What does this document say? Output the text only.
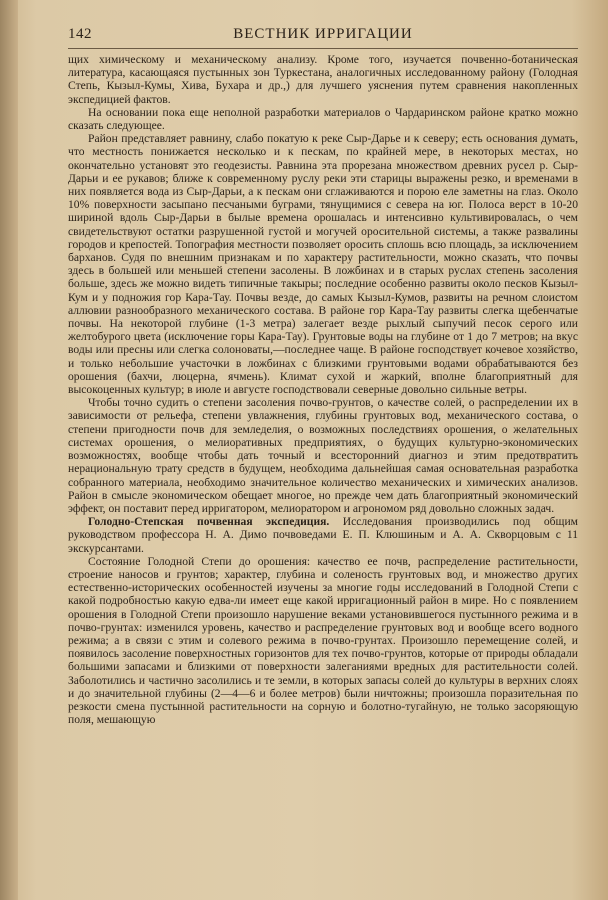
142	ВЕСТНИК ИРРИГАЦИИ

щих химическому и механическому анализу. Кроме того, изучается почвенно-ботаническая литература, касающаяся пустынных зон Туркестана, аналогичных исследованному району (Голодная Степь, Кызыл-Кумы, Хива, Бухара и др.,) для лучшего уяснения путем сравнения накопленных экспедицией фактов.

На основании пока еще неполной разработки материалов о Чардаринском районе кратко можно сказать следующее.

Район представляет равнину, слабо покатую к реке Сыр-Дарье и к северу; есть основания думать, что местность понижается несколько и к пескам, по крайней мере, в некоторых местах, но окончательно установят это геодезисты. Равнина эта прорезана множеством древних русел р. Сыр-Дарьи и ее рукавов; ближе к современному руслу реки эти старицы выражены резко, и временами в них появляется вода из Сыр-Дарьи, а к пескам они сглаживаются и порою еле заметны на глаз. Около 10% поверхности засыпано песчаными буграми, тянущимися с севера на юг. Полоса верст в 10-20 шириной вдоль Сыр-Дарьи в былые времена орошалась и интенсивно культивировалась, о чем свидетельствуют остатки разрушенной густой и могучей оросительной системы, а также развалины городов и крепостей. Топография местности позволяет оросить сплошь всю площадь, за исключением барханов. Судя по внешним признакам и по характеру растительности, можно сказать, что почвы здесь в большей или меньшей степени засолены. В ложбинах и в старых руслах степень засоления больше, здесь же можно видеть типичные такыры; последние особенно развиты около песков Кызыл-Кум и у подножия гор Кара-Тау. Почвы везде, до самых Кызыл-Кумов, развиты на речном слоистом аллювии разнообразного механического состава. В районе гор Кара-Тау развиты слегка щебенчатые почвы. На некоторой глубине (1-3 метра) залегает везде рыхлый сыпучий песок серого или желтобурого цвета (исключение горы Кара-Тау). Грунтовые воды на глубине от 1 до 7 метров; на вкус воды или пресны или слегка солоноваты,—последнее чаще. В районе господствует кочевое хозяйство, и только небольшие участочки в ложбинах с близкими грунтовыми водами обрабатываются без орошения (бахчи, люцерна, ячмень). Климат сухой и жаркий, вполне благоприятный для высокоценных культур; в июле и августе господствовали северные довольно сильные ветры.

Чтобы точно судить о степени засоления почво-грунтов, о качестве солей, о распределении их в зависимости от рельефа, степени увлажнения, глубины грунтовых вод, механического состава, о степени пригодности почв для земледелия, о возможных последствиях орошения, о желательных системах орошения, о мелиоративных предприятиях, о будущих культурно-экономических возможностях, вообще чтобы дать точный и всесторонний диагноз и этим предотвратить нерациональную трату средств в будущем, необходима дальнейшая самая основательная разработка собранного материала, необходимо значительное количество механических и химических анализов. Район в смысле экономическом обещает многое, но прежде чем дать благоприятный экономический эффект, он поставит перед ирригатором, мелиоратором и агрономом ряд довольно сложных задач.

Голодно-Степская почвенная экспедиция. Исследования производились под общим руководством профессора Н. А. Димо почвоведами Е. П. Клюшиным и А. А. Скворцовым с 11 экскурсантами.

Состояние Голодной Степи до орошения: качество ее почв, распределение растительности, строение наносов и грунтов; характер, глубина и соленость грунтовых вод, и множество других естественно-исторических особенностей изучены за многие годы исследований в Голодной Степи с какой подробностью какую едва-ли имеет еще какой ирригационный район в мире. Но с появлением орошения в Голодной Степи произошло нарушение веками установившегося пустынного режима и в почво-грунтах: изменился уровень, качество и распределение грунтовых вод и вообще всего водного режима; а в связи с этим и солевого режима в почво-грунтах. Произошло перемещение солей, и появилось засоление поверхностных горизонтов для тех почво-грунтов, которые от природы обладали большими запасами и близкими от поверхности залеганиями вредных для растительности солей. Заболотились и частично засолились и те земли, в которых запасы солей до культуры в верхних слоях и до значительной глубины (2—4—6 и более метров) были ничтожны; произошла поразительная по резкости смена пустынной растительности на сорную и болотно-тугайную, не только засоряющую поля, мешающую
